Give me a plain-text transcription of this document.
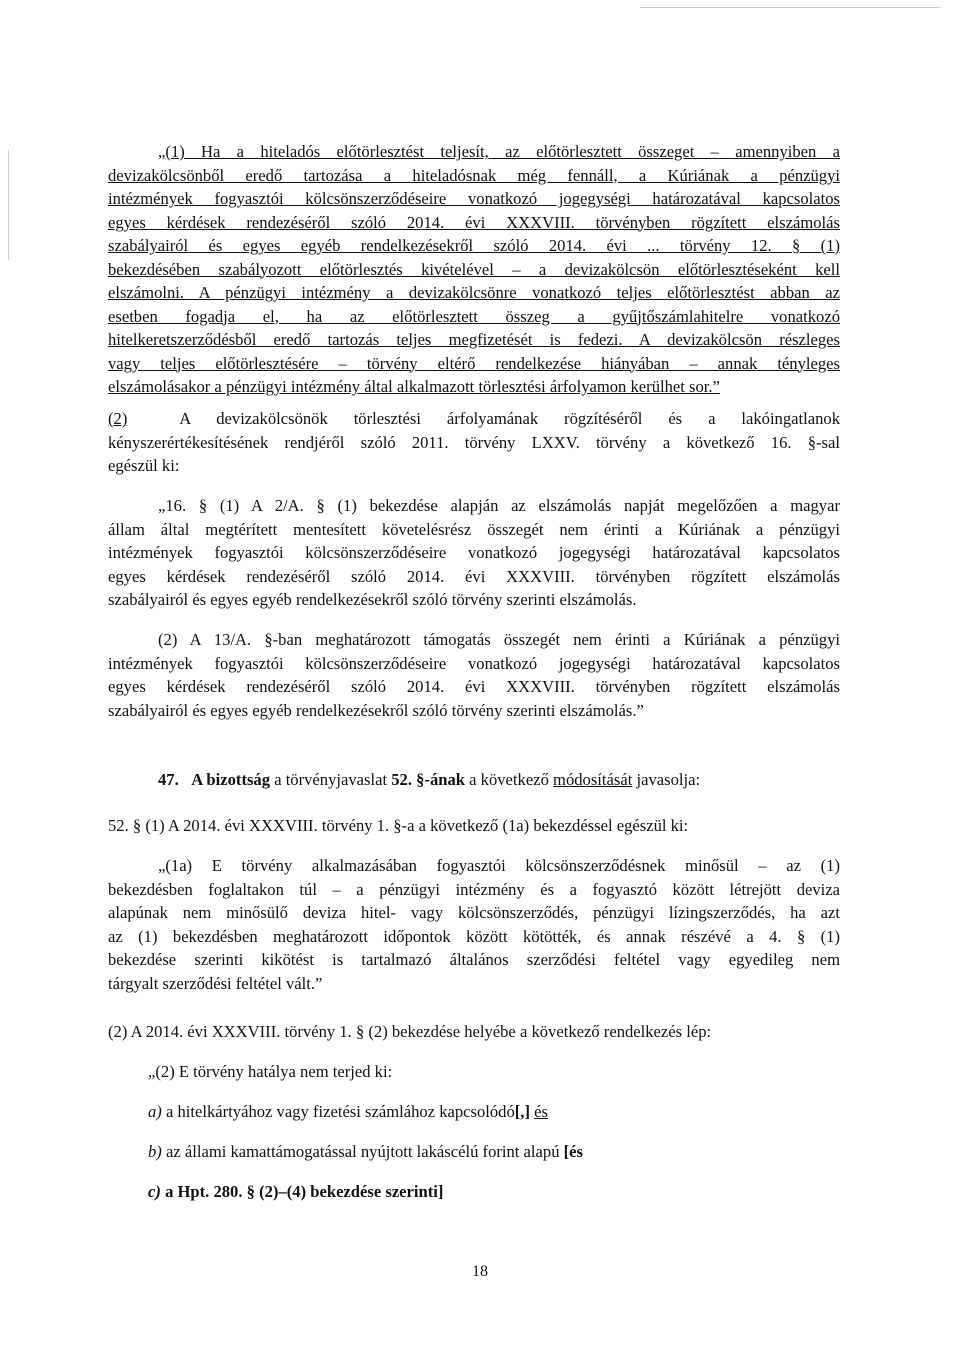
„(1) Ha a hiteladós előtörlesztést teljesít, az előtörlesztett összeget – amennyiben a
devizakölcsönből eredő tartozása a hiteladósnak még fennáll, a Kúriának a pénzügyi
intézmények fogyasztói kölcsönszerződéseire vonatkozó jogegységi határozatával kapcsolatos
egyes kérdések rendezéséről szóló 2014. évi XXXVIII. törvényben rögzített elszámolás
szabályairól és egyes egyéb rendelkezésekről szóló 2014. évi ... törvény 12. § (1)
bekezdésében szabályozott előtörlesztés kivételével – a devizakölcsön előtörlesztéseként kell
elszámolni. A pénzügyi intézmény a devizakölcsönre vonatkozó teljes előtörlesztést abban az
esetben fogadja el, ha az előtörlesztett összeg a gyűjtőszámlahitelre vonatkozó
hitelkeretszerződésből eredő tartozás teljes megfizetését is fedezi. A devizakölcsön részleges
vagy teljes előtörlesztésére – törvény eltérő rendelkezése hiányában – annak tényleges
elszámolásakor a pénzügyi intézmény által alkalmazott törlesztési árfolyamon kerülhet sor.”
(2)	A devizakölcsönök törlesztési árfolyamának rögzítéséről és a lakóingatlanok
kényszerértékesítésének rendjéről szóló 2011. törvény LXXV. törvény a következő 16. §-sal
egészül ki:
„16. § (1) A 2/A. § (1) bekezdése alapján az elszámolás napját megelőzően a magyar
állam által megtérített mentesített követelésrész összegét nem érinti a Kúriának a pénzügyi
intézmények fogyasztói kölcsönszerződéseire vonatkozó jogegységi határozatával kapcsolatos
egyes kérdések rendezéséről szóló 2014. évi XXXVIII. törvényben rögzített elszámolás
szabályairól és egyes egyéb rendelkezésekről szóló törvény szerinti elszámolás.
(2) A 13/A. §-ban meghatározott támogatás összegét nem érinti a Kúriának a pénzügyi
intézmények fogyasztói kölcsönszerződéseire vonatkozó jogegységi határozatával kapcsolatos
egyes kérdések rendezéséről szóló 2014. évi XXXVIII. törvényben rögzített elszámolás
szabályairól és egyes egyéb rendelkezésekről szóló törvény szerinti elszámolás.”
47. A bizottság a törvényjavaslat 52. §-ának a következő módosítását javasolja:
52. § (1) A 2014. évi XXXVIII. törvény 1. §-a a következő (1a) bekezdéssel egészül ki:
„(1a) E törvény alkalmazásában fogyasztói kölcsönszerződésnek minősül – az (1)
bekezdésben foglaltakon túl – a pénzügyi intézmény és a fogyasztó között létrejött deviza
alapúnak nem minősülő deviza hitel- vagy kölcsönszerződés, pénzügyi lízingszerződés, ha azt
az (1) bekezdésben meghatározott időpontok között kötötték, és annak részévé a 4. § (1)
bekezdése szerinti kikötést is tartalmazó általános szerződési feltétel vagy egyedileg nem
tárgyalt szerződési feltétel vált.”
(2) A 2014. évi XXXVIII. törvény 1. § (2) bekezdése helyébe a következő rendelkezés lép:
„(2) E törvény hatálya nem terjed ki:
a) a hitelkártyához vagy fizetési számlához kapcsolódó[,] és
b) az állami kamattámogatással nyújtott lakáscélú forint alapú [és
c) a Hpt. 280. § (2)–(4) bekezdése szerinti]
18
